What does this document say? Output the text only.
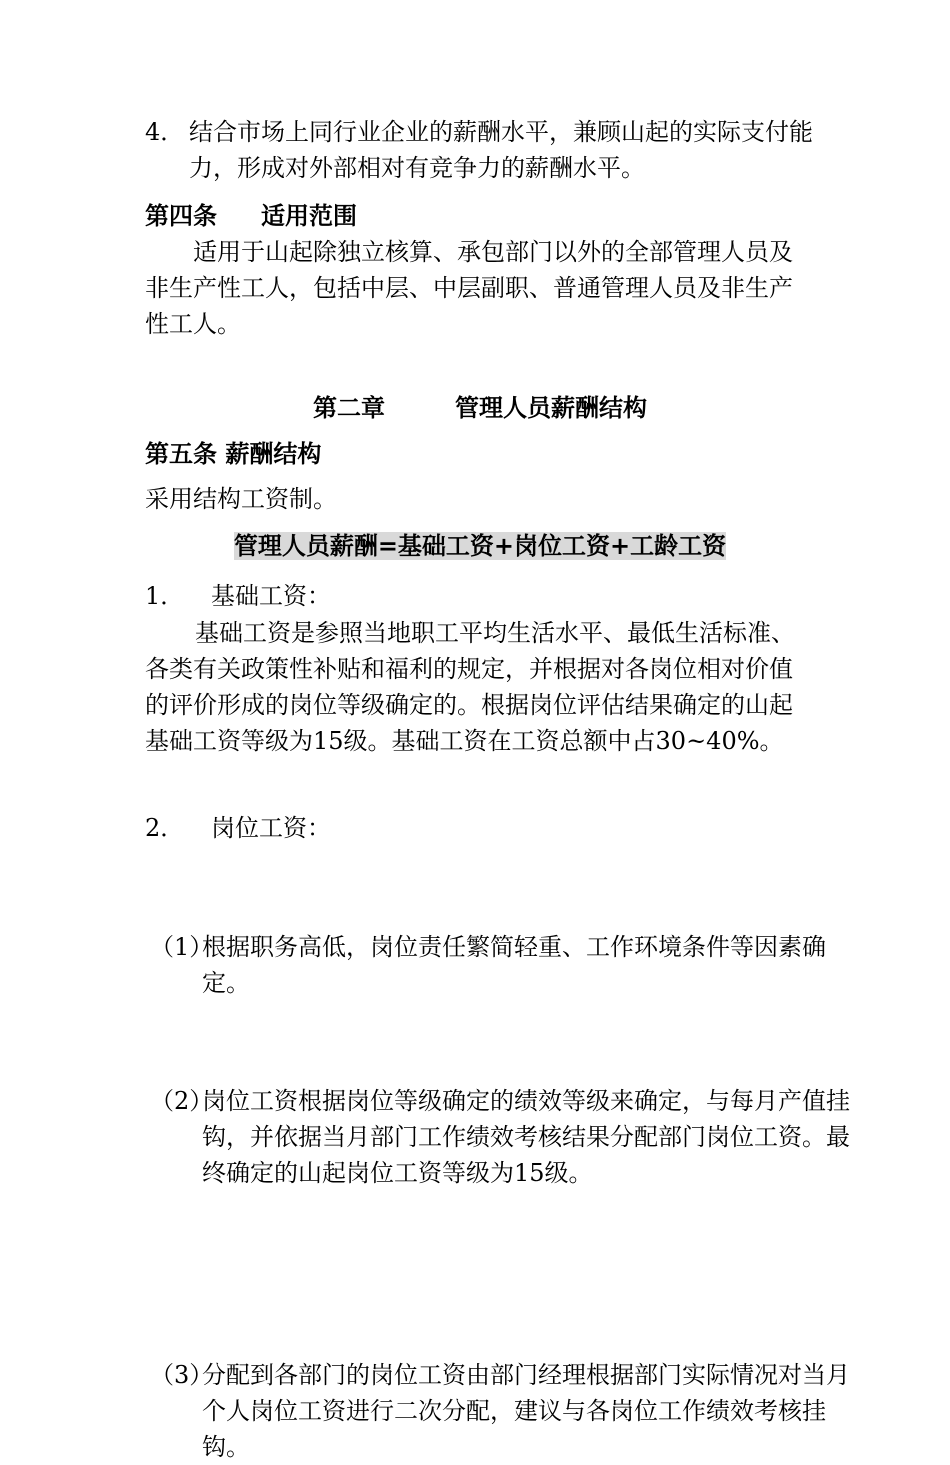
4． 结合市场上同行业企业的薪酬水平，兼顾山起的实际支付能力，形成对外部相对有竞争力的薪酬水平。
第四条 适用范围
适用于山起除独立核算、承包部门以外的全部管理人员及非生产性工人，包括中层、中层副职、普通管理人员及非生产性工人。
第二章	管理人员薪酬结构
第五条 薪酬结构
采用结构工资制。
管理人员薪酬=基础工资+岗位工资+工龄工资
1． 基础工资：
基础工资是参照当地职工平均生活水平、最低生活标准、各类有关政策性补贴和福利的规定，并根据对各岗位相对价值的评价形成的岗位等级确定的。根据岗位评估结果确定的山起基础工资等级为15级。基础工资在工资总额中占30~40%。
2． 岗位工资：
（1）
根据职务高低，岗位责任繁简轻重、工作环境条件等因素确定。
（2）
岗位工资根据岗位等级确定的绩效等级来确定，与每月产值挂钩，并依据当月部门工作绩效考核结果分配部门岗位工资。最终确定的山起岗位工资等级为15级。
（3）
分配到各部门的岗位工资由部门经理根据部门实际情况对当月个人岗位工资进行二次分配，建议与各岗位工作绩效考核挂钩。
